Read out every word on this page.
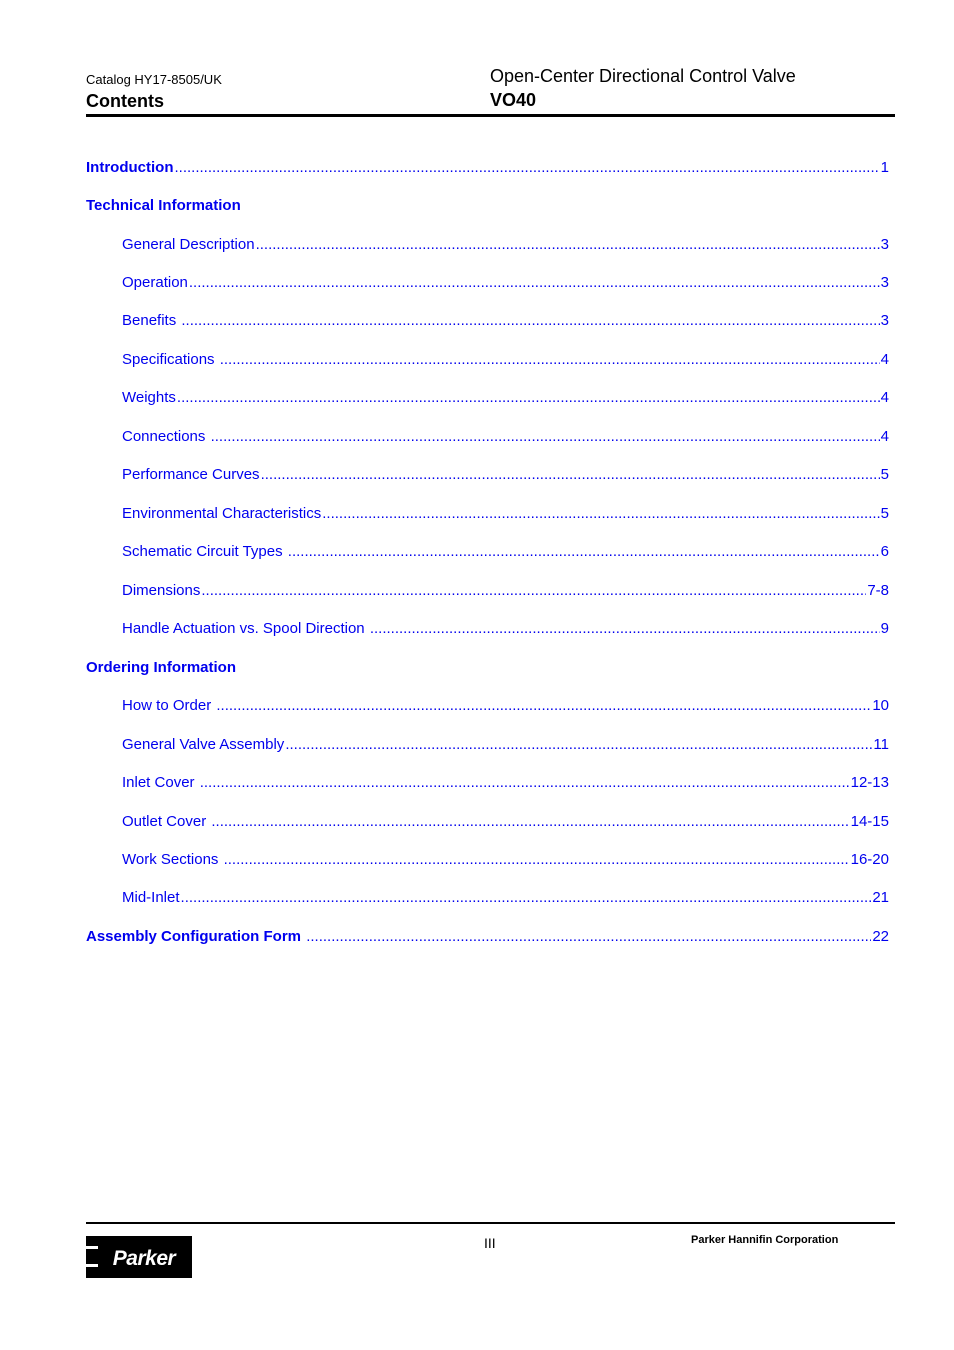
Catalog HY17-8505/UK
Contents
Open-Center Directional Control Valve
VO40
Introduction .....	1
Technical Information
General Description .....	3
Operation .....	3
Benefits .....	3
Specifications .....	4
Weights .....	4
Connections .....	4
Performance Curves .....	5
Environmental Characteristics .....	5
Schematic Circuit Types .....	6
Dimensions .....	7-8
Handle Actuation vs. Spool Direction .....	9
Ordering Information
How to Order .....	10
General Valve Assembly .....	11
Inlet Cover .....	12-13
Outlet Cover .....	14-15
Work Sections .....	16-20
Mid-Inlet .....	21
Assembly Configuration Form .....	22
Parker
III	Parker Hannifin Corporation
